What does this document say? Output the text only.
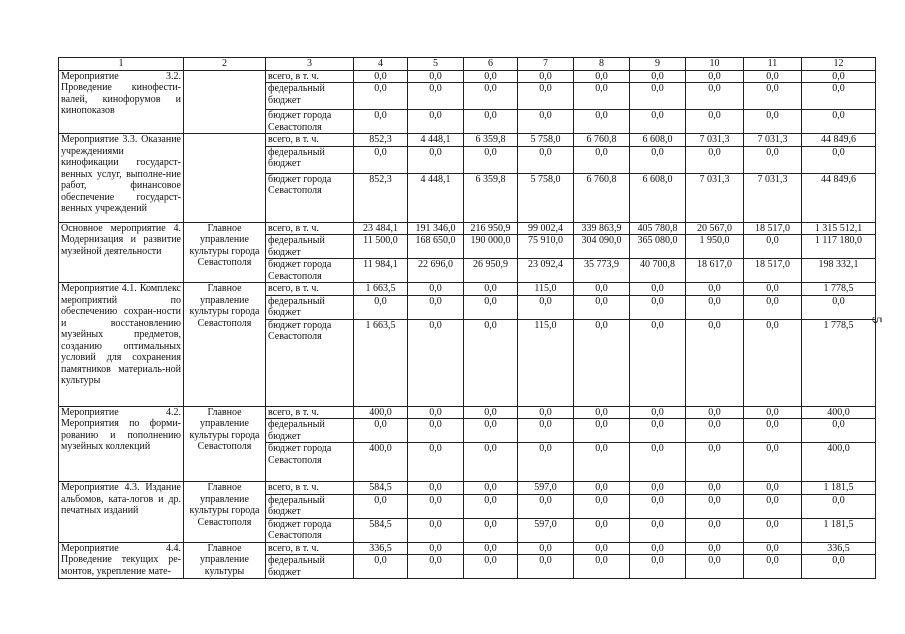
1	2	3	4	5	6	7	8	9	10	11	12
Мероприятие 3.2. Проведение кинофести-валей, кинофорумов и кинопоказов		всего, в т. ч.	0,0	0,0	0,0	0,0	0,0	0,0	0,0	0,0	0,0
		федеральный бюджет	0,0	0,0	0,0	0,0	0,0	0,0	0,0	0,0	0,0
		бюджет города Севастополя	0,0	0,0	0,0	0,0	0,0	0,0	0,0	0,0	0,0
Мероприятие 3.3. Оказание учреждениями кинофикации государст-венных услуг, выполне-ние работ, финансовое обеспечение государст-венных учреждений		всего, в т. ч.	852,3	4 448,1	6 359,8	5 758,0	6 760,8	6 608,0	7 031,3	7 031,3	44 849,6
		федеральный бюджет	0,0	0,0	0,0	0,0	0,0	0,0	0,0	0,0	0,0
		бюджет города Севастополя	852,3	4 448,1	6 359,8	5 758,0	6 760,8	6 608,0	7 031,3	7 031,3	44 849,6
Основное мероприятие 4. Модернизация и развитие музейной деятельности	Главное управление культуры города Севастополя	всего, в т. ч.	23 484,1	191 346,0	216 950,9	99 002,4	339 863,9	405 780,8	20 567,0	18 517,0	1 315 512,1
		федеральный бюджет	11 500,0	168 650,0	190 000,0	75 910,0	304 090,0	365 080,0	1 950,0	0,0	1 117 180,0
		бюджет города Севастополя	11 984,1	22 696,0	26 950,9	23 092,4	35 773,9	40 700,8	18 617,0	18 517,0	198 332,1
Мероприятие 4.1. Комплекс мероприятий по обеспечению сохран-ности и восстановлению музейных предметов, созданию оптимальных условий для сохранения памятников материаль-ной культуры	Главное управление культуры города Севастополя	всего, в т. ч.	1 663,5	0,0	0,0	115,0	0,0	0,0	0,0	0,0	1 778,5
		федеральный бюджет	0,0	0,0	0,0	0,0	0,0	0,0	0,0	0,0	0,0
		бюджет города Севастополя	1 663,5	0,0	0,0	115,0	0,0	0,0	0,0	0,0	1 778,5
Мероприятие 4.2. Мероприятия по форми-рованию и пополнению музейных коллекций	Главное управление культуры города Севастополя	всего, в т. ч.	400,0	0,0	0,0	0,0	0,0	0,0	0,0	0,0	400,0
		федеральный бюджет	0,0	0,0	0,0	0,0	0,0	0,0	0,0	0,0	0,0
		бюджет города Севастополя	400,0	0,0	0,0	0,0	0,0	0,0	0,0	0,0	400,0
Мероприятие 4.3. Издание альбомов, ката-логов и др. печатных изданий	Главное управление культуры города Севастополя	всего, в т. ч.	584,5	0,0	0,0	597,0	0,0	0,0	0,0	0,0	1 181,5
		федеральный бюджет	0,0	0,0	0,0	0,0	0,0	0,0	0,0	0,0	0,0
		бюджет города Севастополя	584,5	0,0	0,0	597,0	0,0	0,0	0,0	0,0	1 181,5
Мероприятие 4.4. Проведение текущих ре-монтов, укрепление мате-	Главное управление культуры	всего, в т. ч.	336,5	0,0	0,0	0,0	0,0	0,0	0,0	0,0	336,5
		федеральный бюджет	0,0	0,0	0,0	0,0	0,0	0,0	0,0	0,0	0,0
5
